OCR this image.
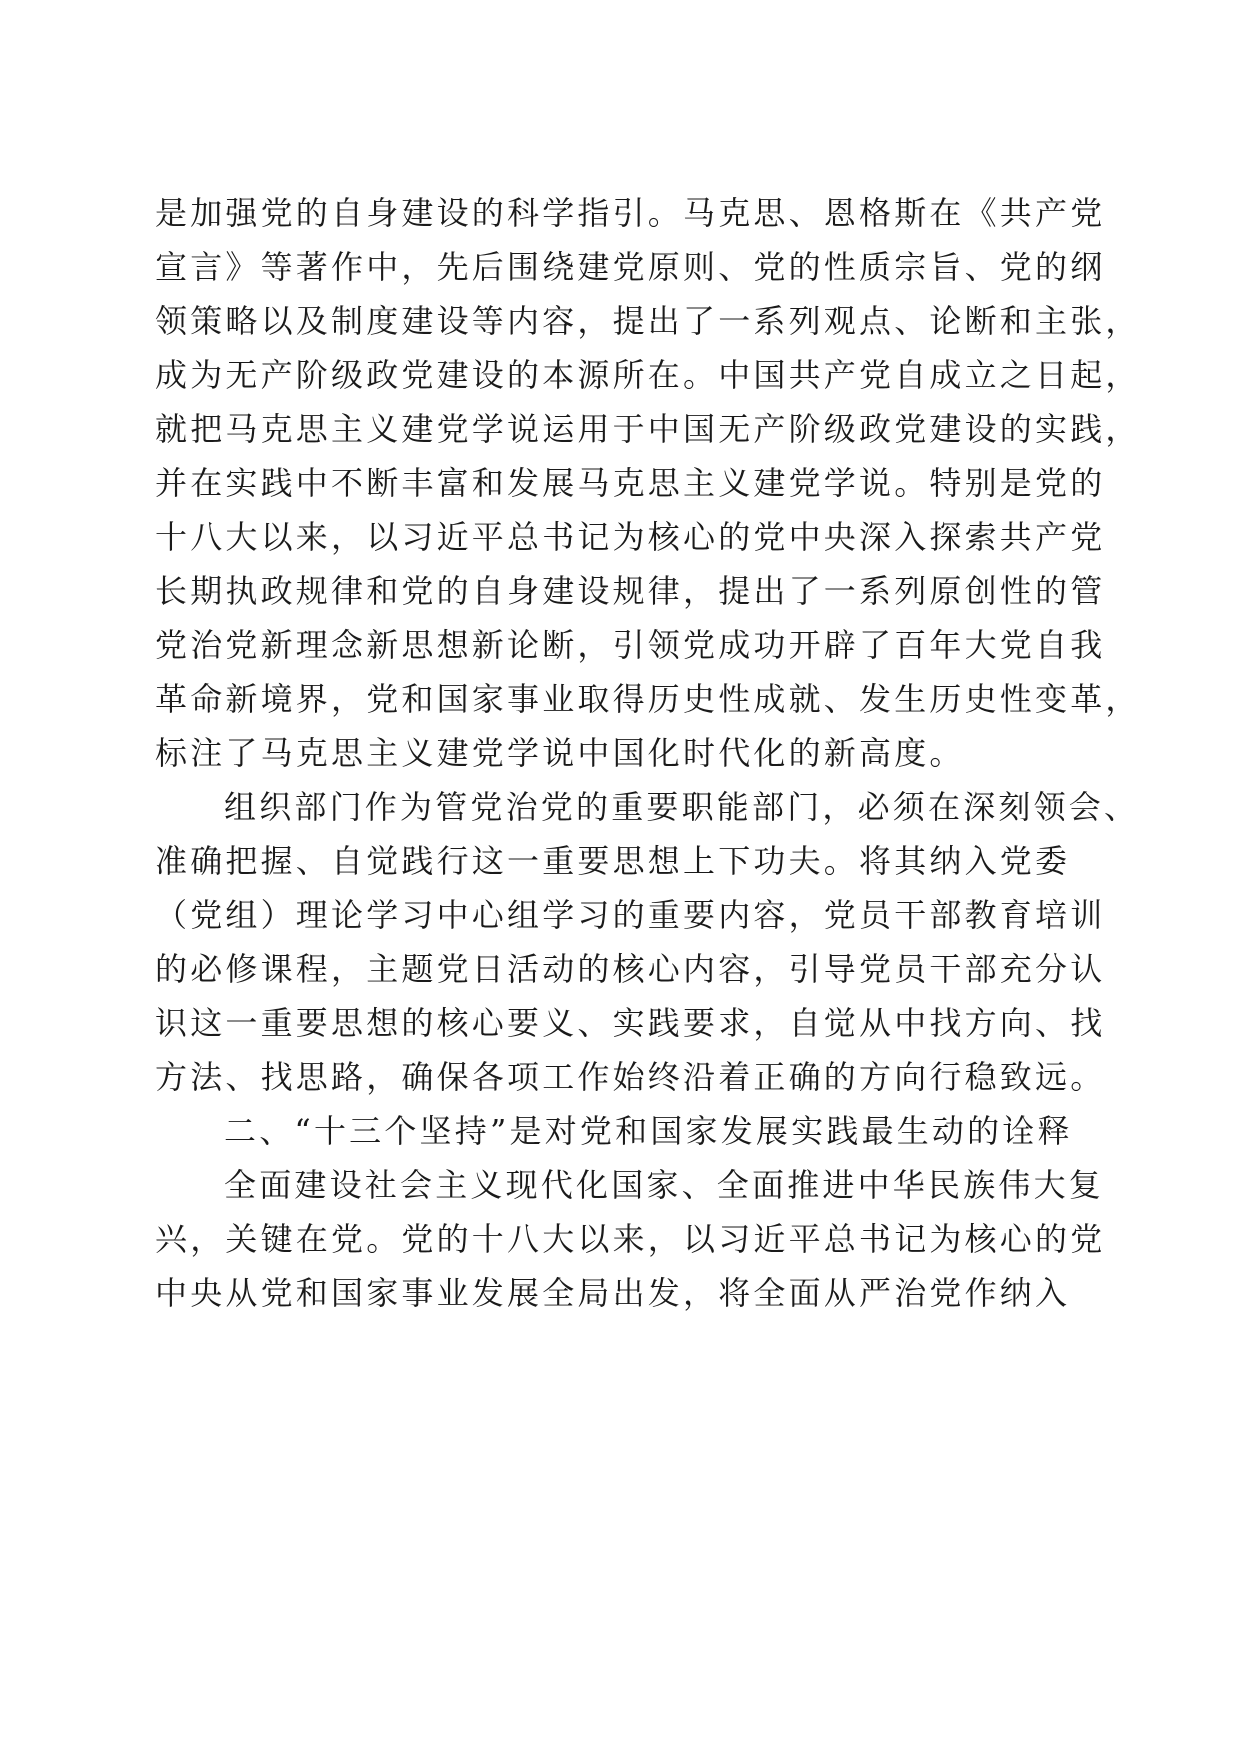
是加强党的自身建设的科学指引。马克思、恩格斯在《共产党
宣言》等著作中，先后围绕建党原则、党的性质宗旨、党的纲
领策略以及制度建设等内容，提出了一系列观点、论断和主张，
成为无产阶级政党建设的本源所在。中国共产党自成立之日起，
就把马克思主义建党学说运用于中国无产阶级政党建设的实践，
并在实践中不断丰富和发展马克思主义建党学说。特别是党的
十八大以来，以习近平总书记为核心的党中央深入探索共产党
长期执政规律和党的自身建设规律，提出了一系列原创性的管
党治党新理念新思想新论断，引领党成功开辟了百年大党自我
革命新境界，党和国家事业取得历史性成就、发生历史性变革，
标注了马克思主义建党学说中国化时代化的新高度。
组织部门作为管党治党的重要职能部门，必须在深刻领会、
准确把握、自觉践行这一重要思想上下功夫。将其纳入党委
（党组）理论学习中心组学习的重要内容，党员干部教育培训
的必修课程，主题党日活动的核心内容，引导党员干部充分认
识这一重要思想的核心要义、实践要求，自觉从中找方向、找
方法、找思路，确保各项工作始终沿着正确的方向行稳致远。
二、“十三个坚持”是对党和国家发展实践最生动的诠释
全面建设社会主义现代化国家、全面推进中华民族伟大复
兴，关键在党。党的十八大以来，以习近平总书记为核心的党
中央从党和国家事业发展全局出发，将全面从严治党作纳入
